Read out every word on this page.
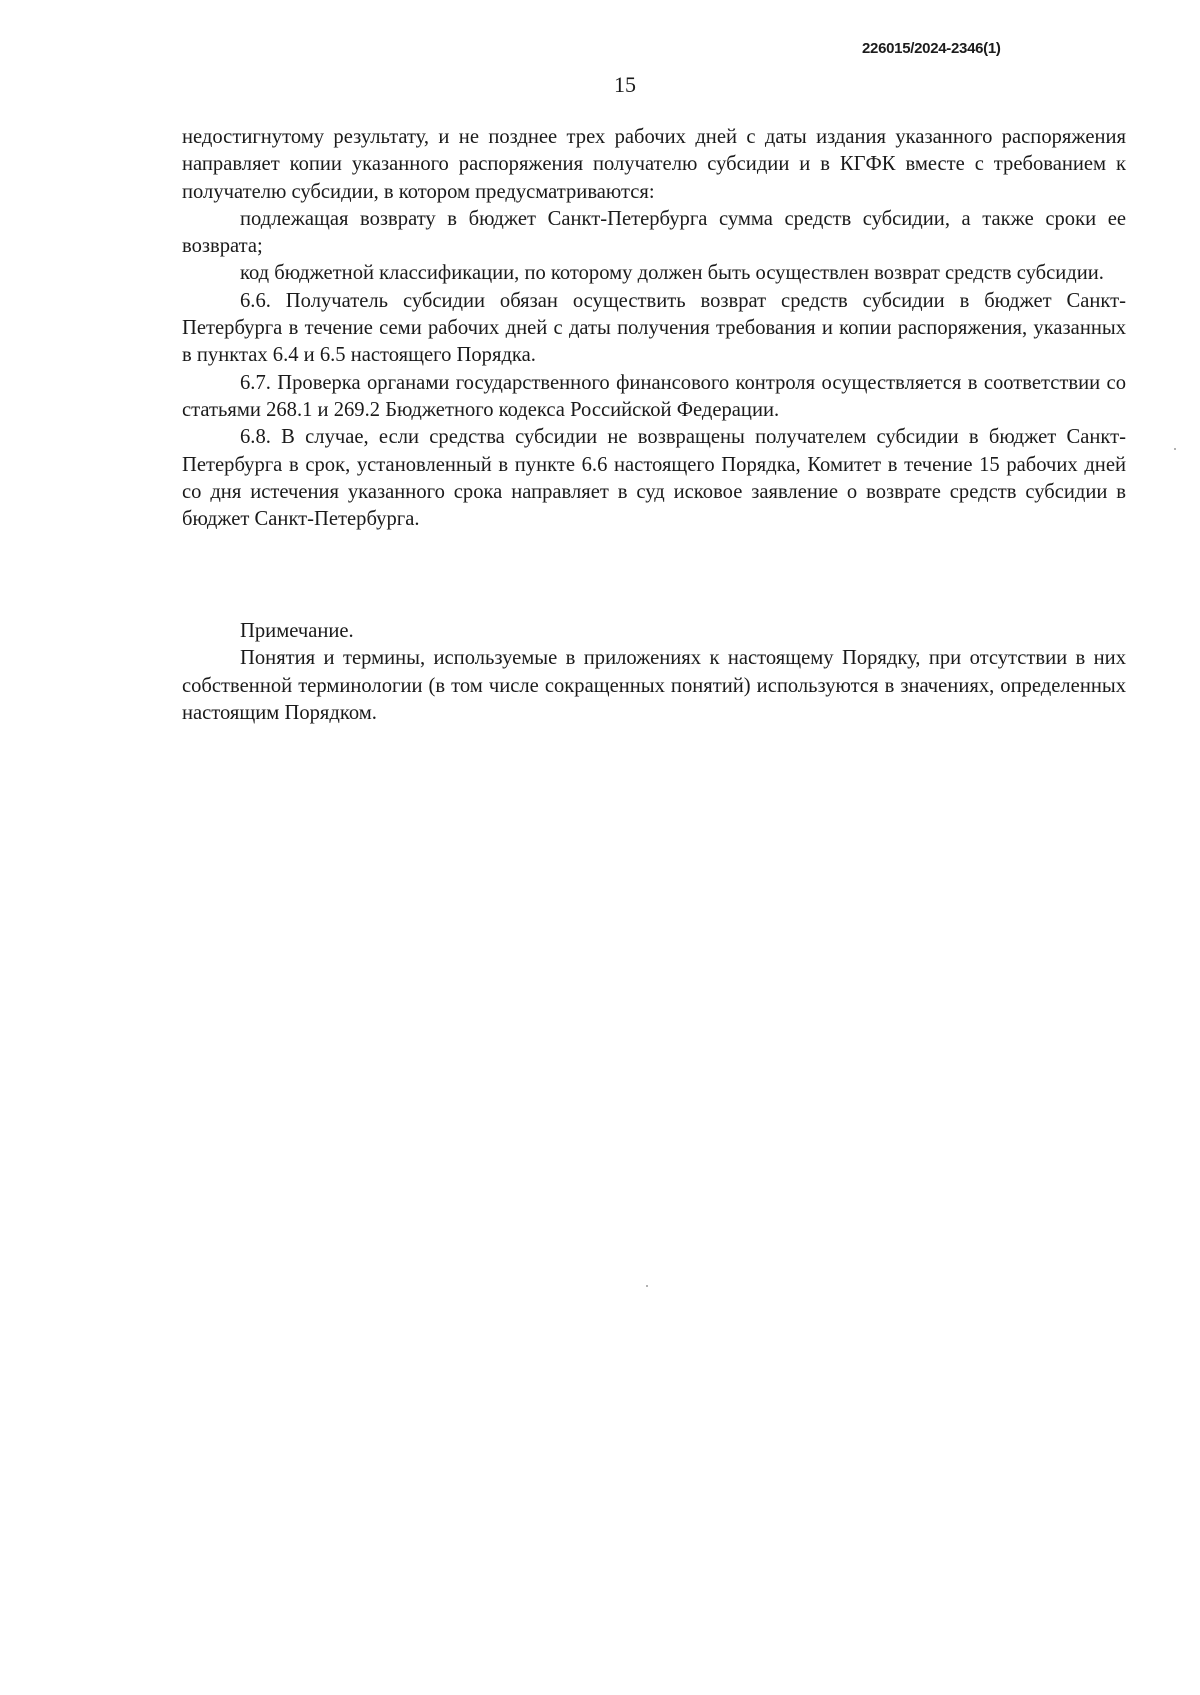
226015/2024-2346(1)
15

недостигнутому результату, и не позднее трех рабочих дней с даты издания указанного распоряжения направляет копии указанного распоряжения получателю субсидии и в КГФК вместе с требованием к получателю субсидии, в котором предусматриваются:

подлежащая возврату в бюджет Санкт-Петербурга сумма средств субсидии, а также сроки ее возврата;

код бюджетной классификации, по которому должен быть осуществлен возврат средств субсидии.

6.6. Получатель субсидии обязан осуществить возврат средств субсидии в бюджет Санкт-Петербурга в течение семи рабочих дней с даты получения требования и копии распоряжения, указанных в пунктах 6.4 и 6.5 настоящего Порядка.

6.7. Проверка органами государственного финансового контроля осуществляется в соответствии со статьями 268.1 и 269.2 Бюджетного кодекса Российской Федерации.

6.8. В случае, если средства субсидии не возвращены получателем субсидии в бюджет Санкт-Петербурга в срок, установленный в пункте 6.6 настоящего Порядка, Комитет в течение 15 рабочих дней со дня истечения указанного срока направляет в суд исковое заявление о возврате средств субсидии в бюджет Санкт-Петербурга.

Примечание.

Понятия и термины, используемые в приложениях к настоящему Порядку, при отсутствии в них собственной терминологии (в том числе сокращенных понятий) используются в значениях, определенных настоящим Порядком.
